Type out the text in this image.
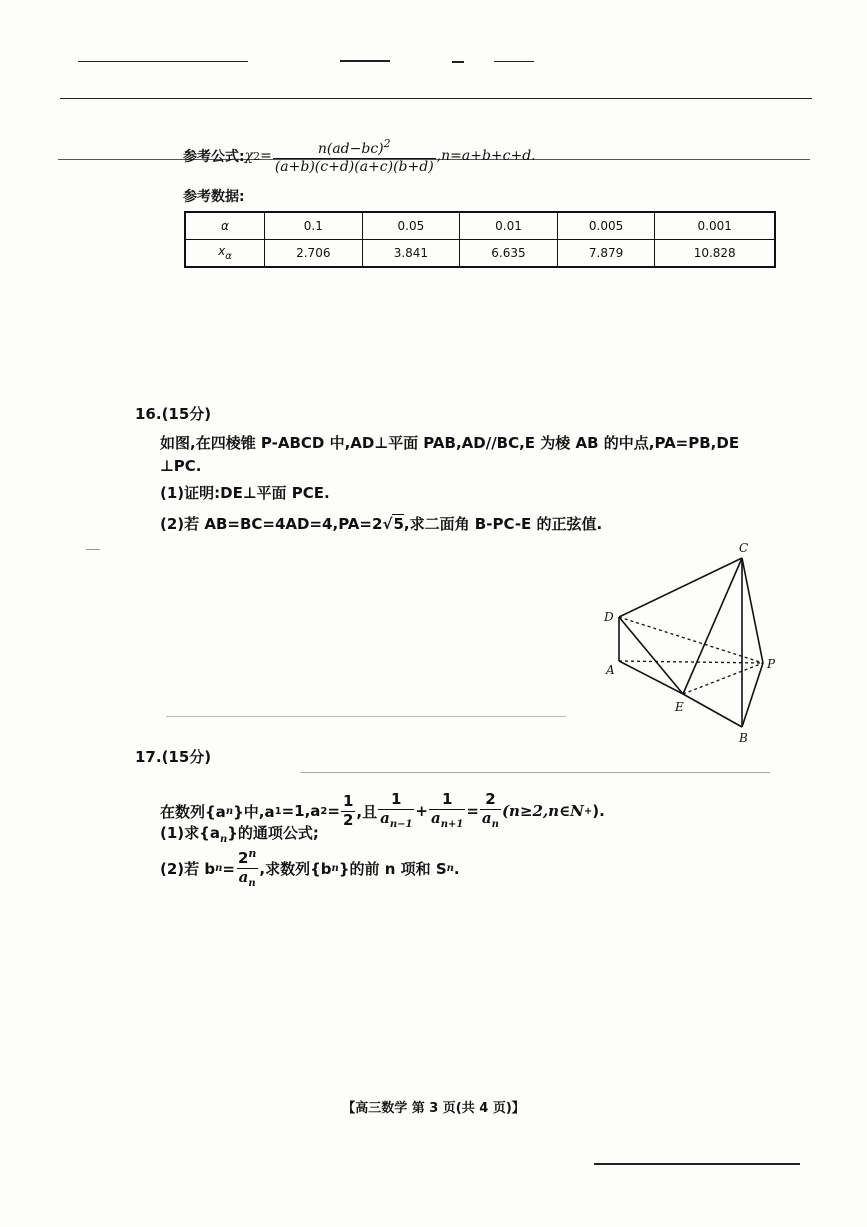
参考公式: χ $2 = \frac{n(ad-bc)^2}{(a+b)(c+d)(a+c)(b+d)} ,n=a+b+c+d$.
参考数据:
α	0.1	0.05	0.01	0.005	0.001
$x_\alpha$	2.706	3.841	6.635	7.879	10.828
16.(15分)
如图,在四棱锥 P-ABCD 中,AD⊥平面 PAB,AD//BC,E 为棱 AB 的中点,PA=PB,DE
⊥PC.
(1)证明:DE⊥平面 PCE.
(2)若 AB=BC=4AD=4,PA=2√5,求二面角 B-PC-E 的正弦值.
C
D
A	P
E
B
17.(15分)
在数列{a n }中,a 1 =1,a $2 = \frac{1}{2}$ ,且 $\frac{1}{a_{n-1}} + \frac{1}{a_{n+1}} = \frac{2}{a_n}$ (n≥2,n∈N + ).
(1)求$\{a_n\}$的通项公式;
(2)若 b $n = \frac{2^n}{a_n}$ ,求数列{b n }的前 n 项和 S n .
【高三数学 第 3 页(共 4 页)】
